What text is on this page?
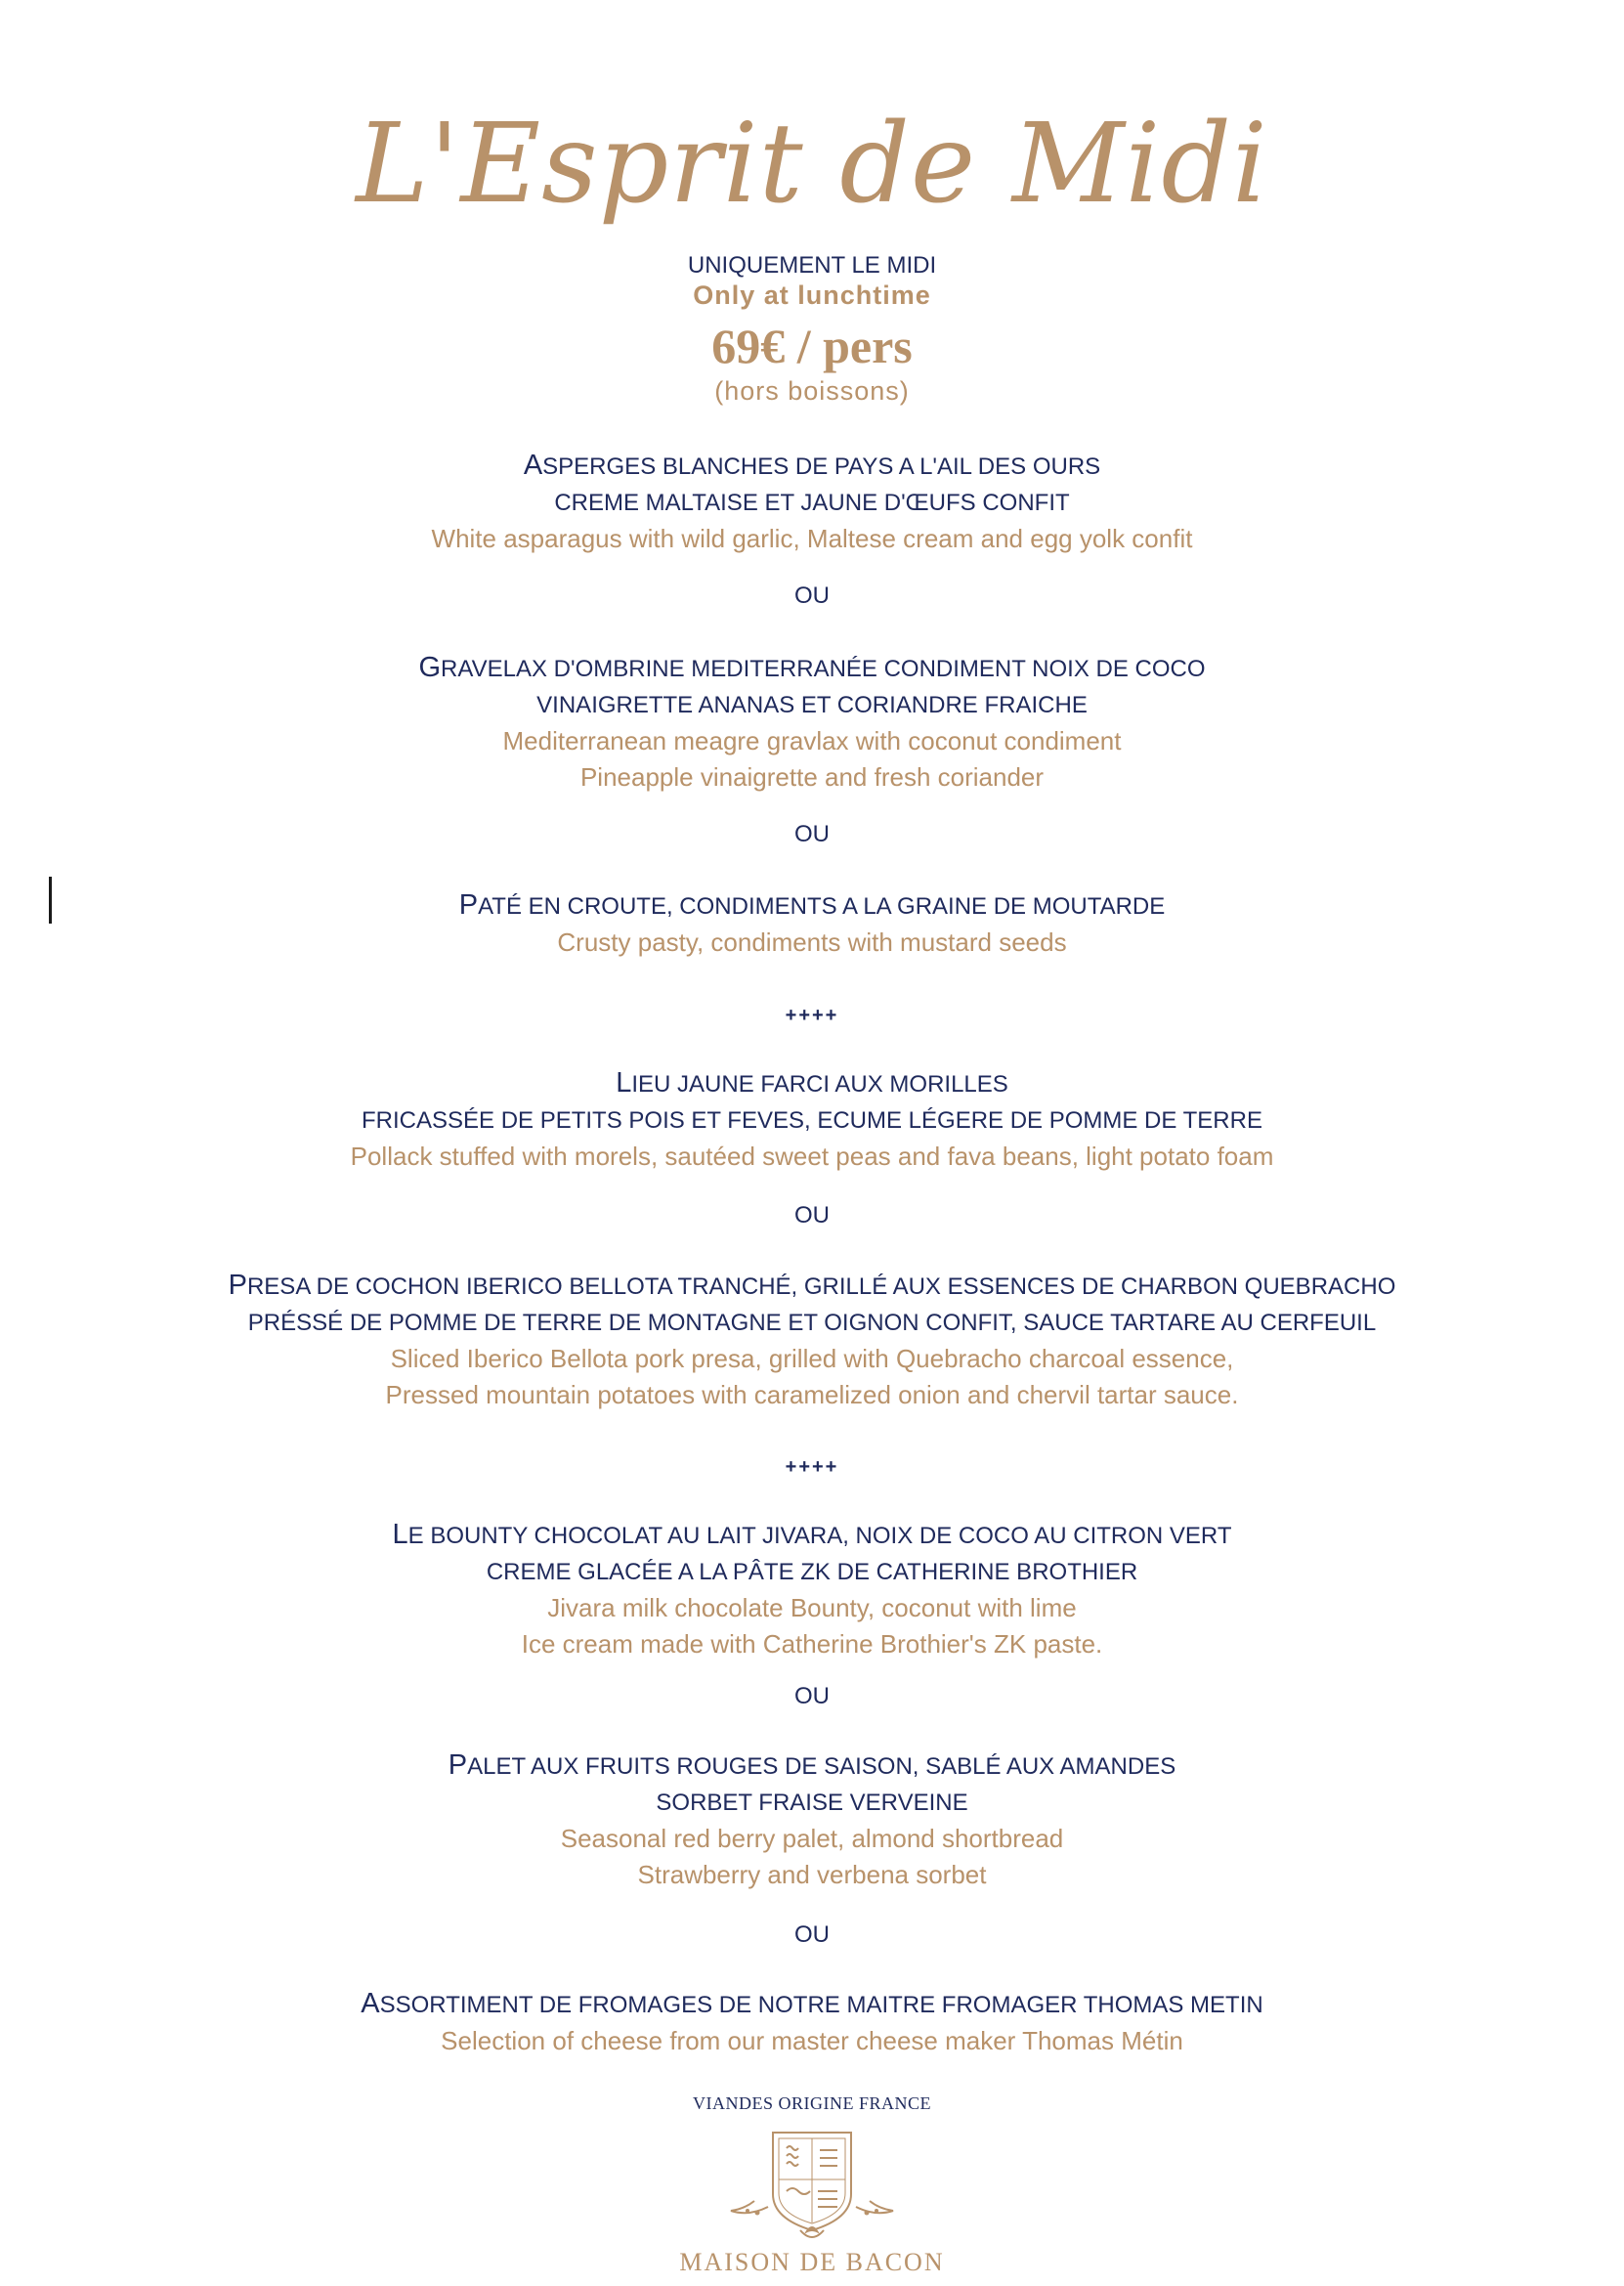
L'Esprit de Midi
UNIQUEMENT LE MIDI
Only at lunchtime
69€ / pers
(hors boissons)
ASPERGES BLANCHES DE PAYS A L'AIL DES OURS
CREME MALTAISE ET JAUNE D'ŒUFS CONFIT
White asparagus with wild garlic, Maltese cream and egg yolk confit
OU
GRAVELAX D'OMBRINE MEDITERRANÉE CONDIMENT NOIX DE COCO
VINAIGRETTE ANANAS ET CORIANDRE FRAICHE
Mediterranean meagre gravlax with coconut condiment
Pineapple vinaigrette and fresh coriander
OU
PATÉ EN CROUTE, CONDIMENTS A LA GRAINE DE MOUTARDE
Crusty pasty, condiments with mustard seeds
++++
LIEU JAUNE FARCI AUX MORILLES
FRICASSÉE DE PETITS POIS ET FEVES, ECUME LÉGERE DE POMME DE TERRE
Pollack stuffed with morels, sautéed sweet peas and fava beans, light potato foam
OU
PRESA DE COCHON IBERICO BELLOTA TRANCHÉ, GRILLÉ AUX ESSENCES DE CHARBON QUEBRACHO
PRÉSSÉ DE POMME DE TERRE DE MONTAGNE ET OIGNON CONFIT, SAUCE TARTARE AU CERFEUIL
Sliced Iberico Bellota pork presa, grilled with Quebracho charcoal essence,
Pressed mountain potatoes with caramelized onion and chervil tartar sauce.
++++
LE BOUNTY CHOCOLAT AU LAIT JIVARA, NOIX DE COCO AU CITRON VERT
CREME GLACÉE A LA PÂTE ZK DE CATHERINE BROTHIER
Jivara milk chocolate Bounty, coconut with lime
Ice cream made with Catherine Brothier's ZK paste.
OU
PALET AUX FRUITS ROUGES DE SAISON, SABLÉ AUX AMANDES
SORBET FRAISE VERVEINE
Seasonal red berry palet, almond shortbread
Strawberry and verbena sorbet
OU
ASSORTIMENT DE FROMAGES DE NOTRE MAITRE FROMAGER THOMAS METIN
Selection of cheese from our master cheese maker Thomas Métin
VIANDES ORIGINE FRANCE
MAISON DE BACON
